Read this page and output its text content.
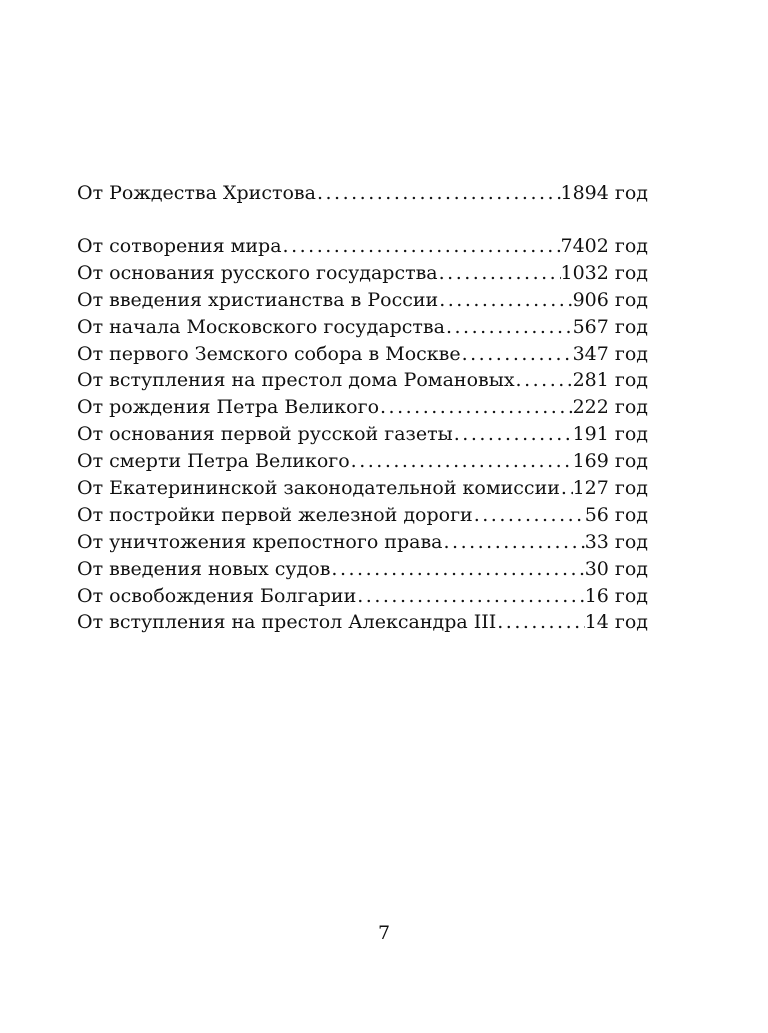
От Рождества Христова .....	1894 год
От сотворения мира .....	7402 год
От основания русского государства .....	1032 год
От введения христианства в России .....	906 год
От начала Московского государства .....	567 год
От первого Земского собора в Москве .....	347 год
От вступления на престол дома Романовых .....	281 год
От рождения Петра Великого .....	222 год
От основания первой русской газеты .....	191 год
От смерти Петра Великого .....	169 год
От Екатерининской законодательной комиссии ..... 127 год
От постройки первой железной дороги .....	56 год
От уничтожения крепостного права .....	33 год
От введения новых судов .....	30 год
От освобождения Болгарии .....	16 год
От вступления на престол Александра III .....	14 год
7
